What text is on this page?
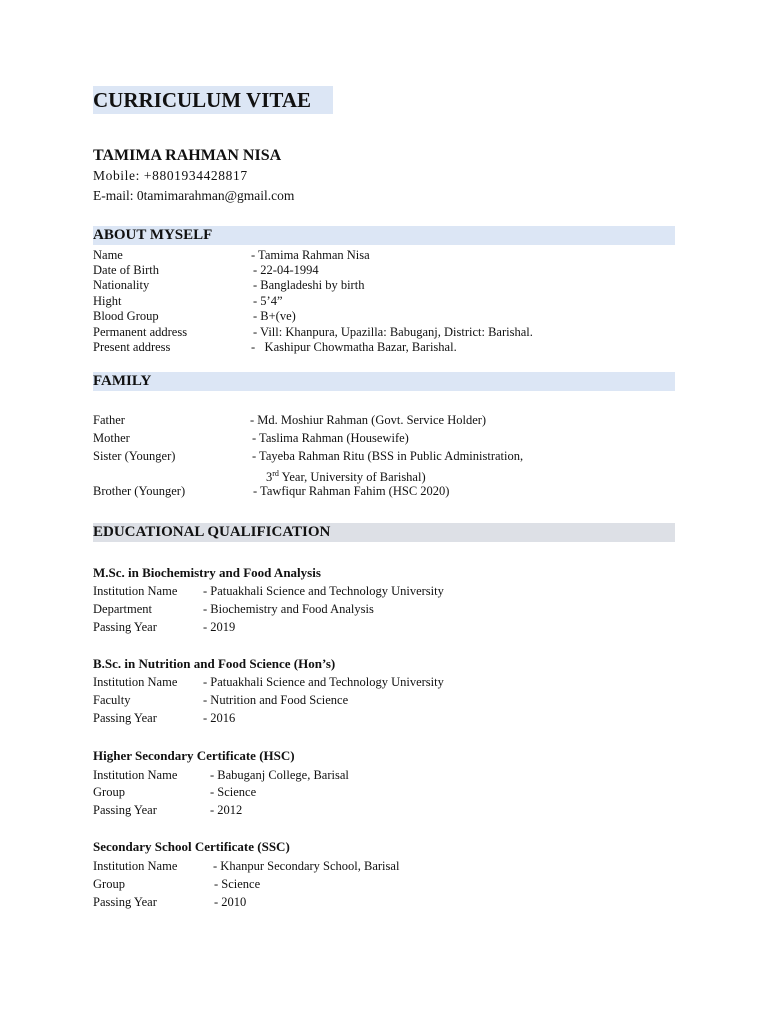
CURRICULUM VITAE
TAMIMA RAHMAN NISA
Mobile: +8801934428817
E-mail: 0tamimarahman@gmail.com
ABOUT MYSELF
Name	- Tamima Rahman Nisa
Date of Birth	- 22-04-1994
Nationality	- Bangladeshi by birth
Hight	- 5’4”
Blood Group	- B+(ve)
Permanent address	- Vill: Khanpura, Upazilla: Babuganj, District: Barishal.
Present address	-   Kashipur Chowmatha Bazar, Barishal.
FAMILY
Father	- Md. Moshiur Rahman (Govt. Service Holder)
Mother	- Taslima Rahman (Housewife)
Sister (Younger)	- Tayeba Rahman Ritu (BSS in Public Administration,
3rd Year, University of Barishal)
Brother (Younger)	- Tawfiqur Rahman Fahim (HSC 2020)
EDUCATIONAL QUALIFICATION
M.Sc. in Biochemistry and Food Analysis
Institution Name - Patuakhali Science and Technology University
Department	- Biochemistry and Food Analysis
Passing Year	- 2019
B.Sc. in Nutrition and Food Science (Hon’s)
Institution Name - Patuakhali Science and Technology University
Faculty	- Nutrition and Food Science
Passing Year	- 2016
Higher Secondary Certificate (HSC)
Institution Name	- Babuganj College, Barisal
Group	- Science
Passing Year	- 2012
Secondary School Certificate (SSC)
Institution Name	- Khanpur Secondary School, Barisal
Group	- Science
Passing Year	- 2010
